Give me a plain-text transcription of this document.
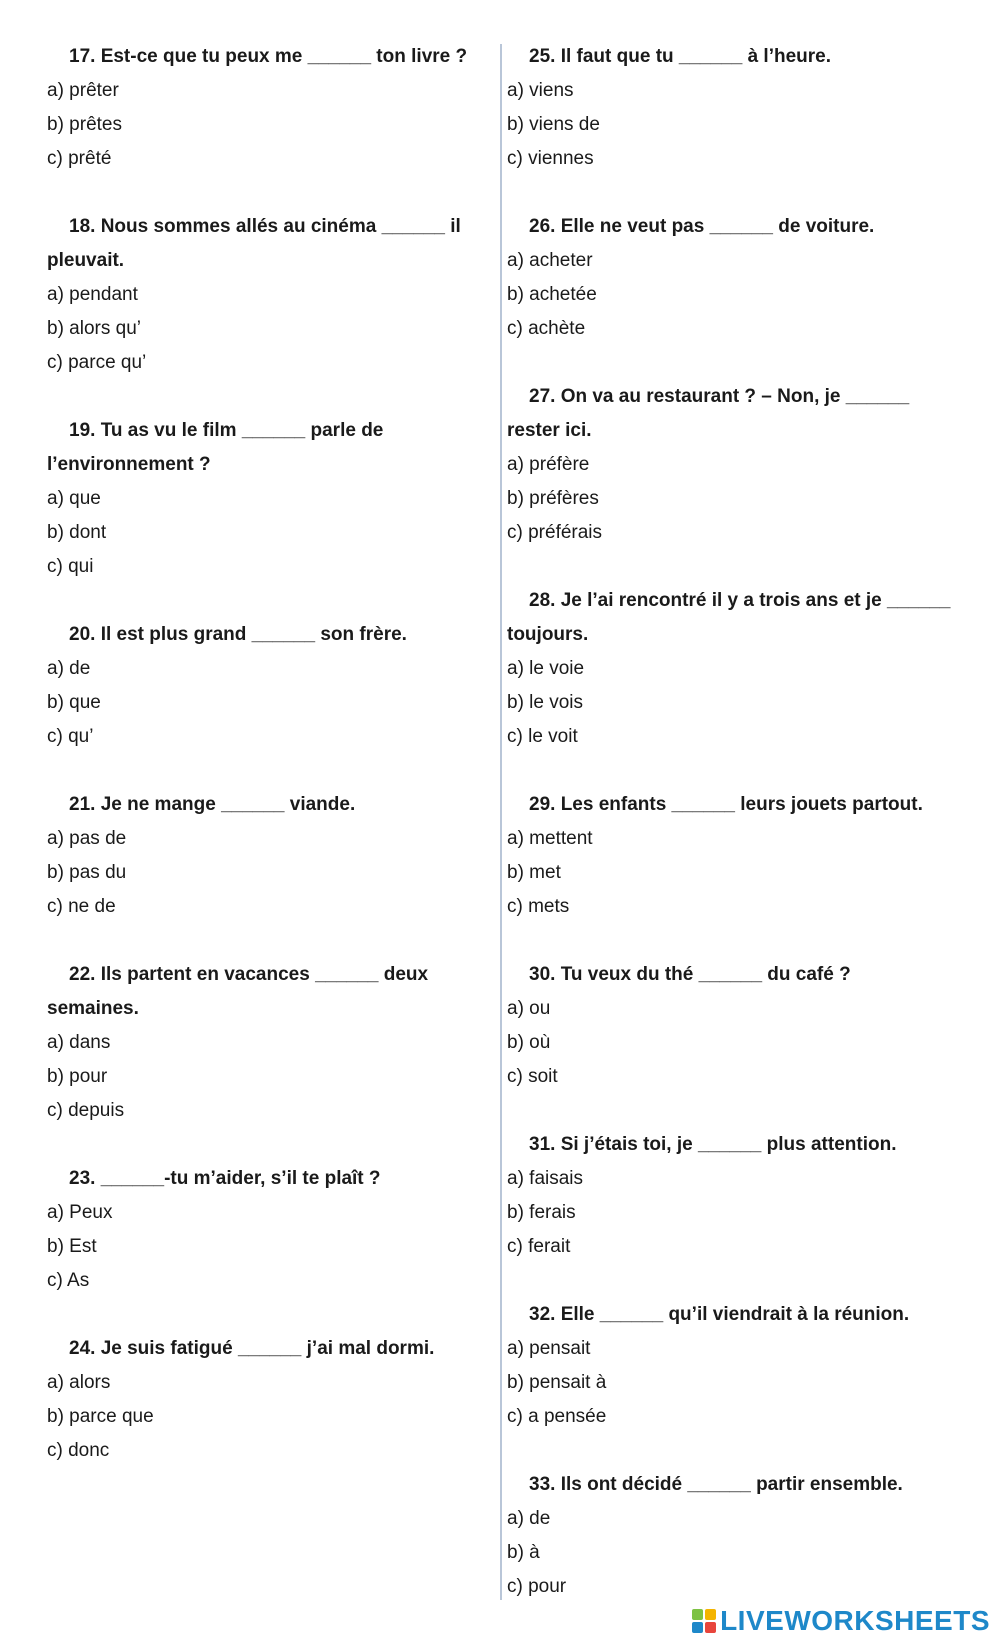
17. Est-ce que tu peux me ______ ton livre ?

a) prêter

b) prêtes

c) prêté

18. Nous sommes allés au cinéma ______ il pleuvait.

a) pendant

b) alors qu’

c) parce qu’

19. Tu as vu le film ______ parle de l’environnement ?

a) que

b) dont

c) qui

20. Il est plus grand ______ son frère.

a) de

b) que

c) qu’

21. Je ne mange ______ viande.

a) pas de

b) pas du

c) ne de

22. Ils partent en vacances ______ deux semaines.

a) dans

b) pour

c) depuis

23. ______-tu m’aider, s’il te plaît ?

a) Peux

b) Est

c) As

24. Je suis fatigué ______ j’ai mal dormi.

a) alors

b) parce que

c) donc

25. Il faut que tu ______ à l’heure.

a) viens

b) viens de

c) viennes

26. Elle ne veut pas ______ de voiture.

a) acheter

b) achetée

c) achète

27. On va au restaurant ? – Non, je ______ rester ici.

a) préfère

b) préfères

c) préférais

28. Je l’ai rencontré il y a trois ans et je ______ toujours.

a) le voie

b) le vois

c) le voit

29. Les enfants ______ leurs jouets partout.

a) mettent

b) met

c) mets

30. Tu veux du thé ______ du café ?

a) ou

b) où

c) soit

31. Si j’étais toi, je ______ plus attention.

a) faisais

b) ferais

c) ferait

32. Elle ______ qu’il viendrait à la réunion.

a) pensait

b) pensait à

c) a pensée

33. Ils ont décidé ______ partir ensemble.

a) de

b) à

c) pour

LIVEWORKSHEETS
